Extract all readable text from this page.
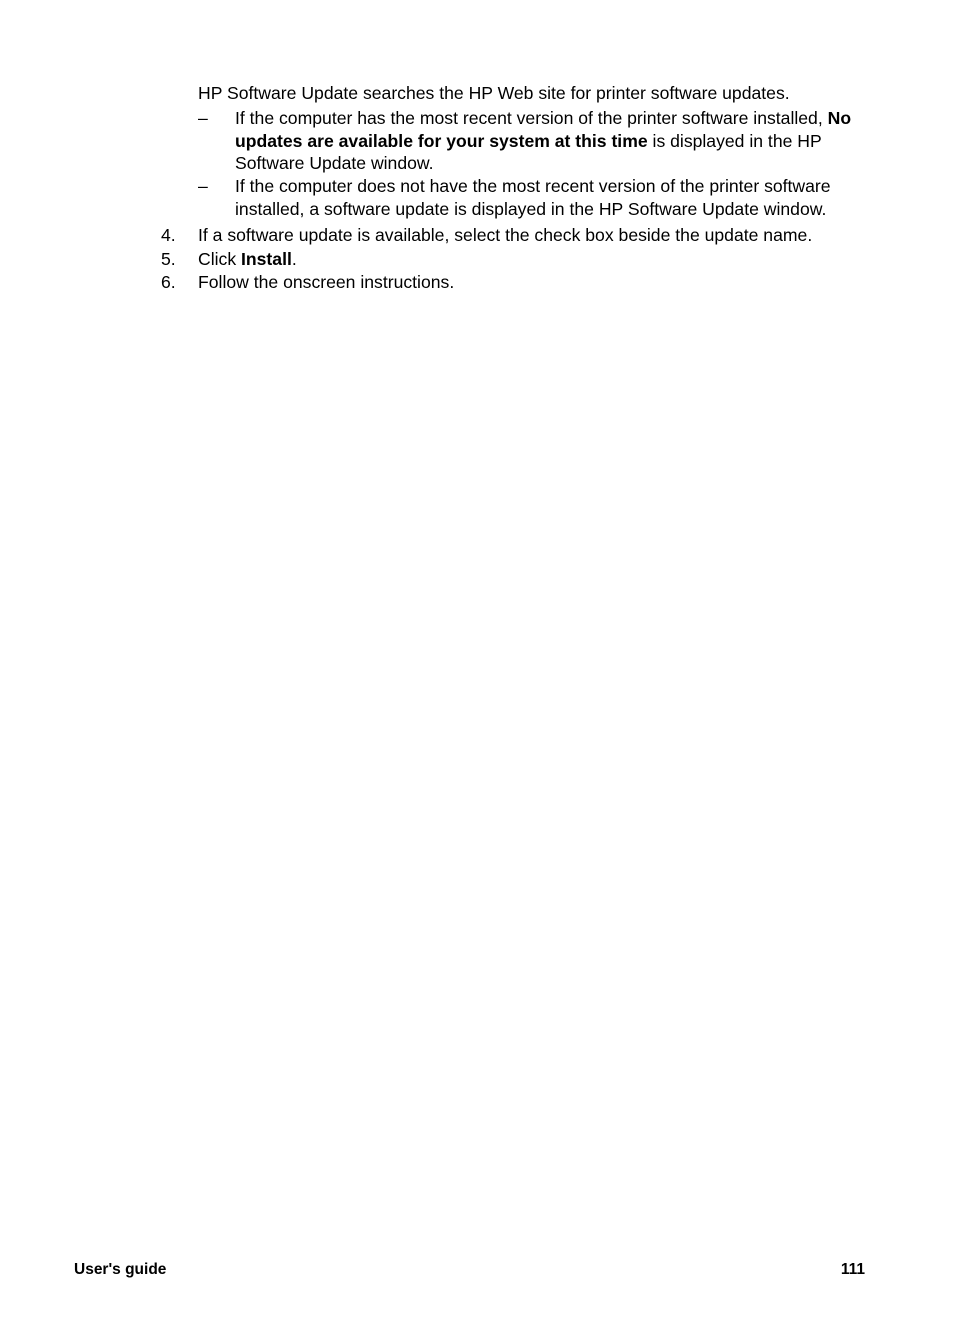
HP Software Update searches the HP Web site for printer software updates.

– If the computer has the most recent version of the printer software installed, No updates are available for your system at this time is displayed in the HP Software Update window.
– If the computer does not have the most recent version of the printer software installed, a software update is displayed in the HP Software Update window.
4. If a software update is available, select the check box beside the update name.
5. Click Install.
6. Follow the onscreen instructions.
User's guide	111
